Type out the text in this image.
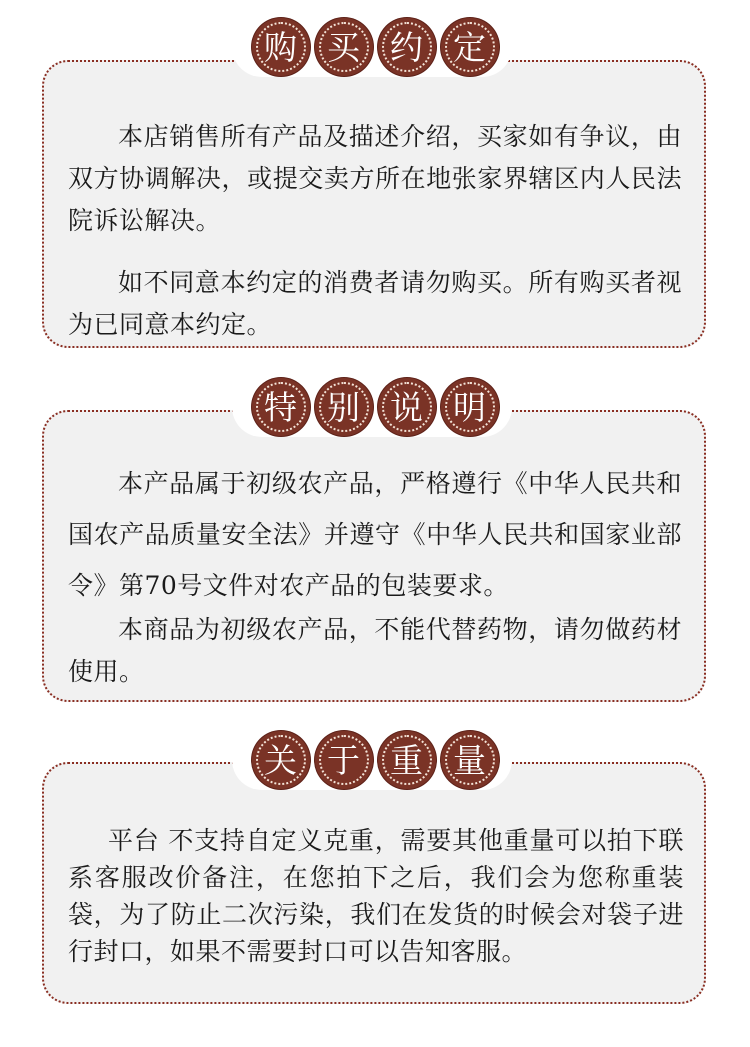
本店销售所有产品及描述介绍，买家如有争议，由双方协调解决，或提交卖方所在地张家界辖区内人民法院诉讼解决。

如不同意本约定的消费者请勿购买。所有购买者视为已同意本约定。

购 买 约 定

本产品属于初级农产品，严格遵行《中华人民共和国农产品质量安全法》并遵守《中华人民共和国家业部令》第70号文件对农产品的包装要求。

本商品为初级农产品，不能代替药物，请勿做药材使用。

特 别 说 明

平台 不支持自定义克重，需要其他重量可以拍下联系客服改价备注，在您拍下之后，我们会为您称重装袋，为了防止二次污染，我们在发货的时候会对袋子进行封口，如果不需要封口可以告知客服。

关 于 重 量
